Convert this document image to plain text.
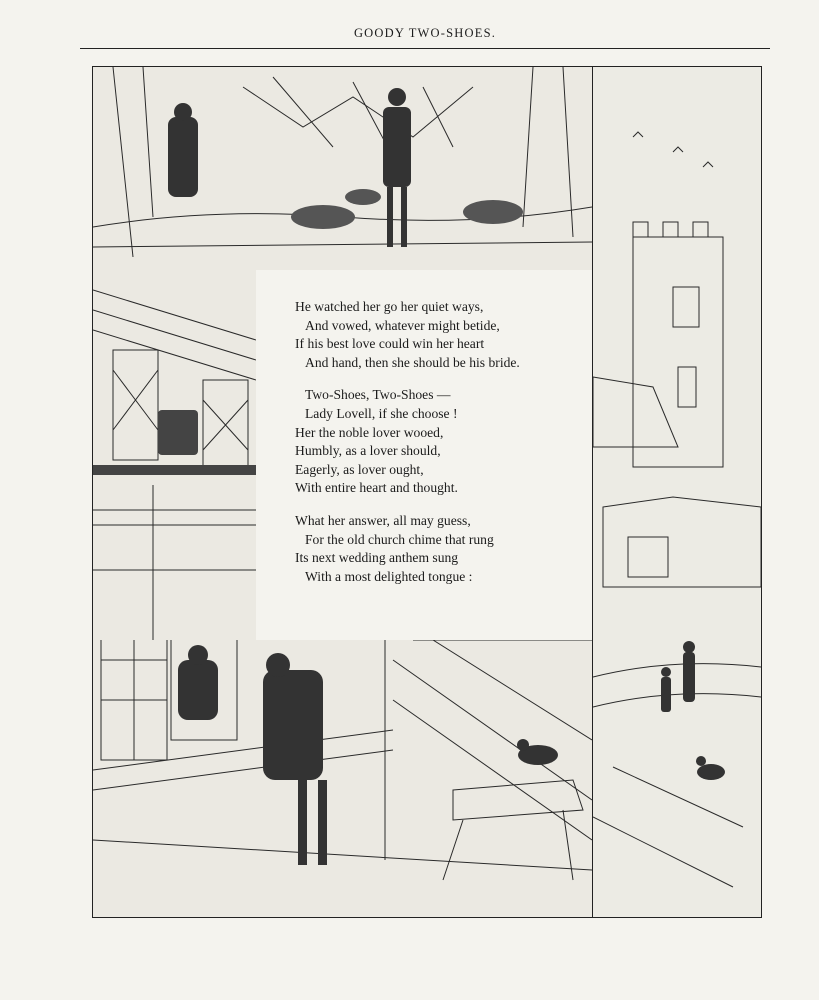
GOODY TWO-SHOES.
He watched her go her quiet ways,
And vowed, whatever might betide,
If his best love could win her heart
And hand, then she should be his bride.
Two-Shoes, Two-Shoes —
Lady Lovell, if she choose !
Her the noble lover wooed,
Humbly, as a lover should,
Eagerly, as lover ought,
With entire heart and thought.
What her answer, all may guess,
For the old church chime that rung
Its next wedding anthem sung
With a most delighted tongue :
